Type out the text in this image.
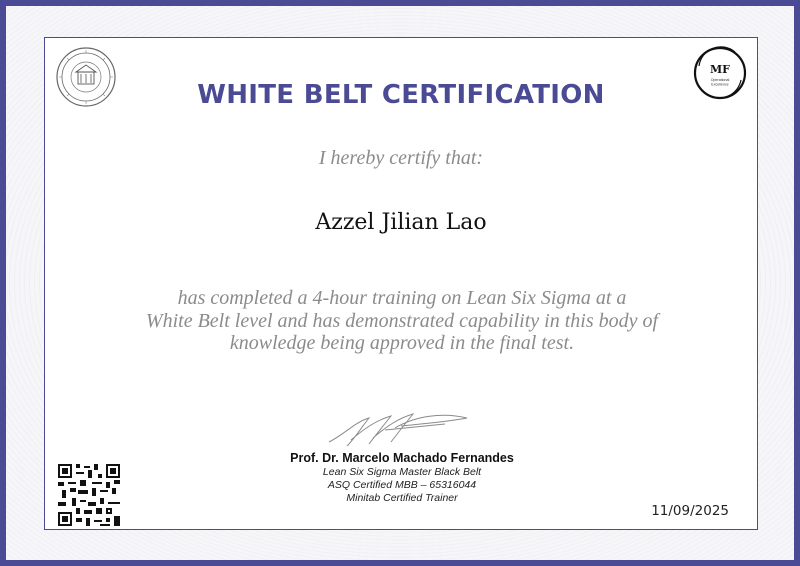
MF
Operational
Excellence
WHITE BELT CERTIFICATION
I hereby certify that:
Azzel Jilian Lao
has completed a 4-hour training on Lean Six Sigma at a
White Belt level and has demonstrated capability in this body of
knowledge being approved in the final test.
Prof. Dr. Marcelo Machado Fernandes
Lean Six Sigma Master Black Belt
ASQ Certified MBB – 65316044
Minitab Certified Trainer
11/09/2025
